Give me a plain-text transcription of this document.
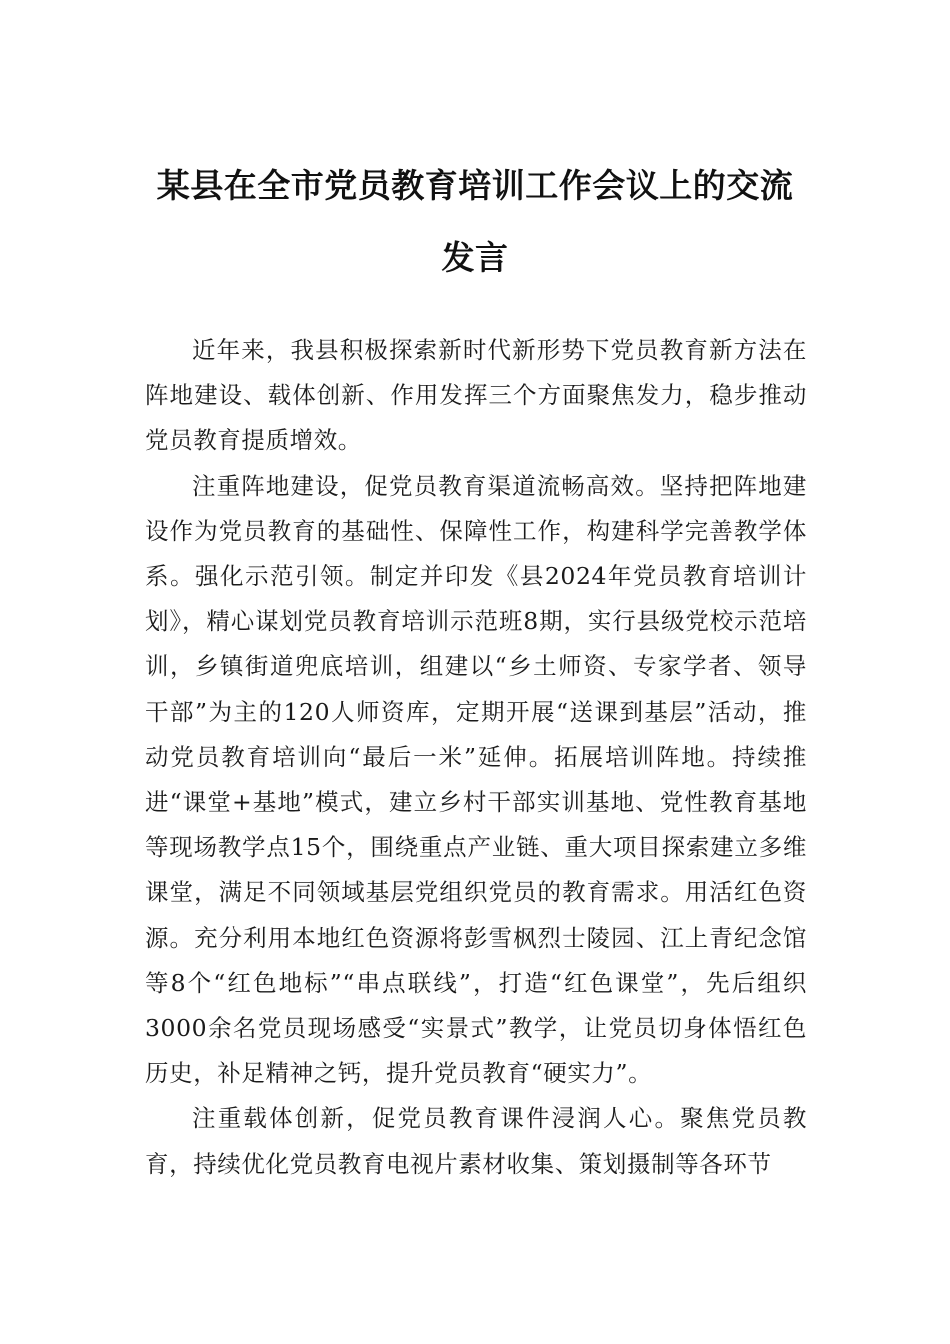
某县在全市党员教育培训工作会议上的交流发言

近年来，我县积极探索新时代新形势下党员教育新方法在阵地建设、载体创新、作用发挥三个方面聚焦发力，稳步推动党员教育提质增效。

注重阵地建设，促党员教育渠道流畅高效。坚持把阵地建设作为党员教育的基础性、保障性工作，构建科学完善教学体系。强化示范引领。制定并印发《县2024年党员教育培训计划》，精心谋划党员教育培训示范班8期，实行县级党校示范培训，乡镇街道兜底培训，组建以“乡土师资、专家学者、领导干部”为主的120人师资库，定期开展“送课到基层”活动，推动党员教育培训向“最后一米”延伸。拓展培训阵地。持续推进“课堂+基地”模式，建立乡村干部实训基地、党性教育基地等现场教学点15个，围绕重点产业链、重大项目探索建立多维课堂，满足不同领域基层党组织党员的教育需求。用活红色资源。充分利用本地红色资源将彭雪枫烈士陵园、江上青纪念馆等8个“红色地标”“串点联线”，打造“红色课堂”，先后组织3000余名党员现场感受“实景式”教学，让党员切身体悟红色历史，补足精神之钙，提升党员教育“硬实力”。

注重载体创新，促党员教育课件浸润人心。聚焦党员教育，持续优化党员教育电视片素材收集、策划摄制等各环节
